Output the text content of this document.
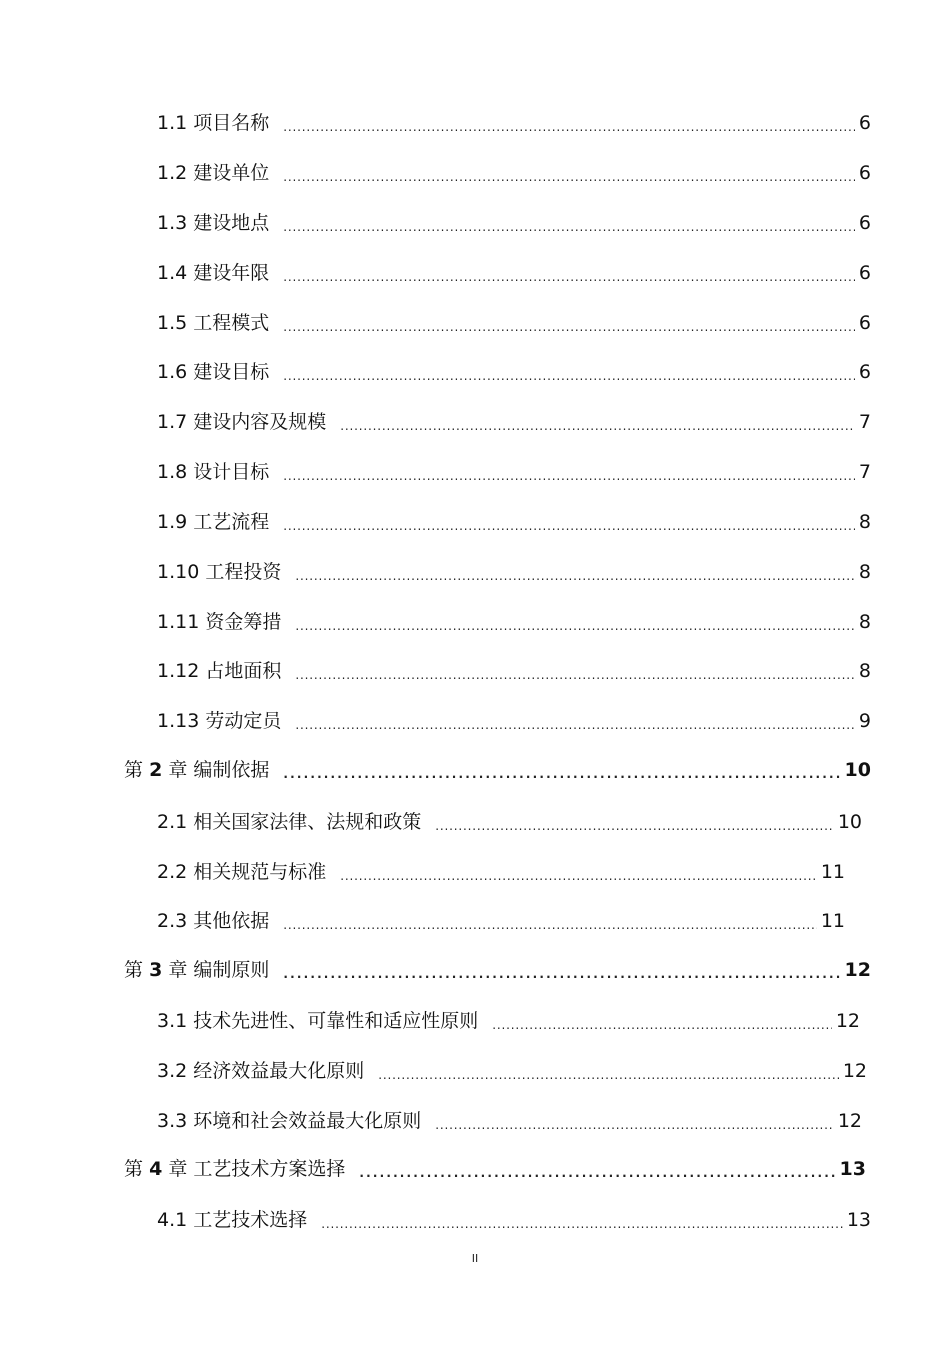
1.1 项目名称 . . .	6
1.2 建设单位 . . .	6
1.3 建设地点 . . .	6
1.4 建设年限 . . .	6
1.5 工程模式 . . .	6
1.6 建设目标 . . .	6
1.7 建设内容及规模 . . .	7
1.8 设计目标 . . .	7
1.9 工艺流程 . . .	8
1.10 工程投资 . . .	8
1.11 资金筹措 . . .	8
1.12 占地面积 . . .	8
1.13 劳动定员 . . .	9
第 2 章 编制依据 . . .	10
2.1 相关国家法律、法规和政策 . . .	10
2.2 相关规范与标准 . . .	11
2.3 其他依据 . . .	11
第 3 章 编制原则 . . .	12
3.1 技术先进性、可靠性和适应性原则 . . .	12
3.2 经济效益最大化原则 . . .	12
3.3 环境和社会效益最大化原则 . . .	12
第 4 章 工艺技术方案选择 . . .	13
4.1 工艺技术选择 . . .	13
II
